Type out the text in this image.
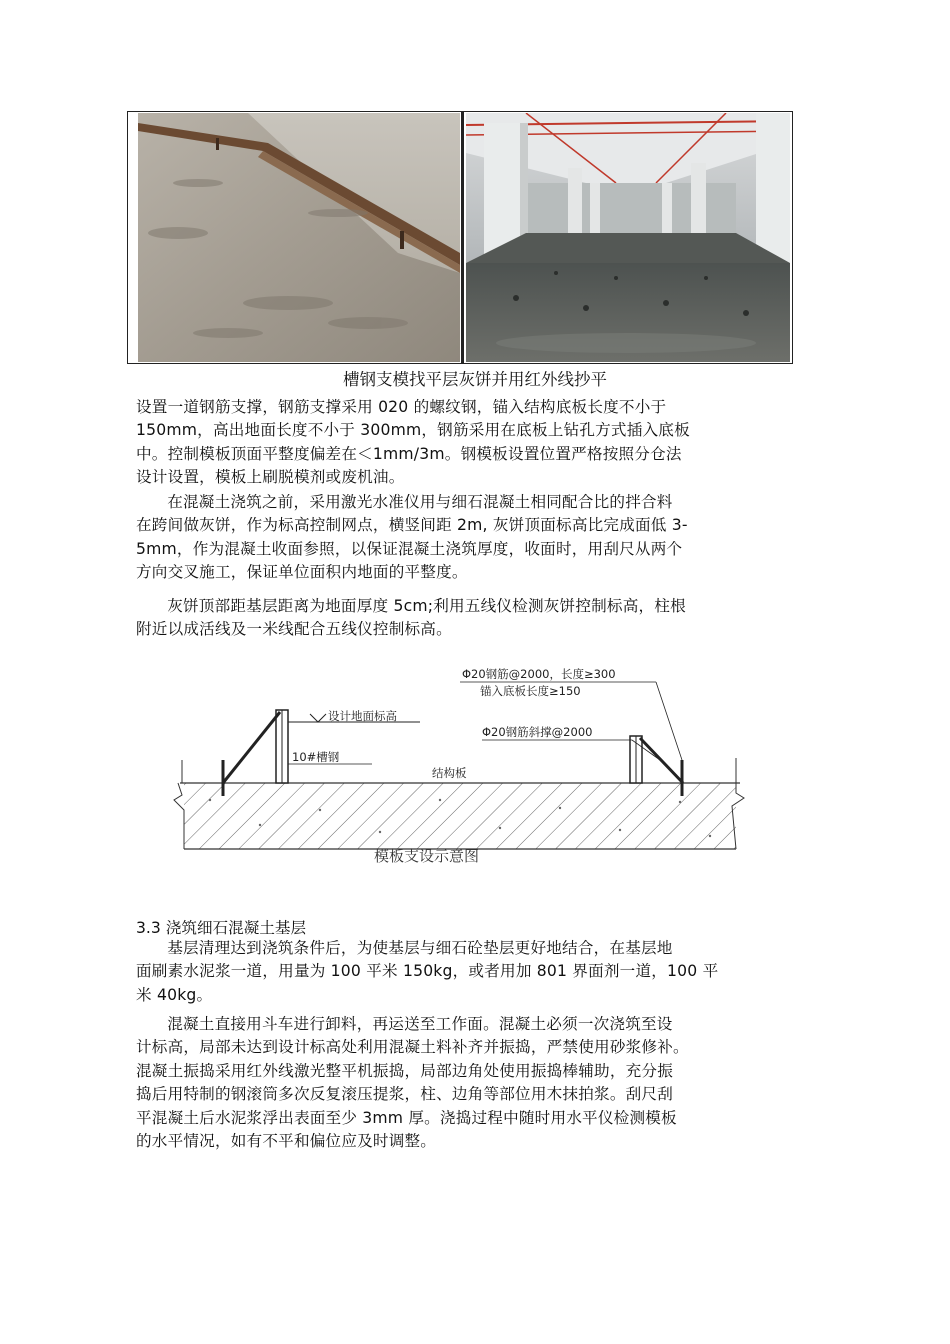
槽钢支模找平层灰饼并用红外线抄平

设置一道钢筋支撑，钢筋支撑采用 020 的螺纹钢，锚入结构底板长度不小于

150mm，高出地面长度不小于 300mm，钢筋采用在底板上钻孔方式插入底板

中。控制模板顶面平整度偏差在＜1mm/3m。钢模板设置位置严格按照分仓法

设计设置，模板上刷脱模剂或废机油。

在混凝土浇筑之前，采用激光水准仪用与细石混凝土相同配合比的拌合料

在跨间做灰饼，作为标高控制网点，横竖间距 2m, 灰饼顶面标高比完成面低 3-

5mm，作为混凝土收面参照，以保证混凝土浇筑厚度，收面时，用刮尺从两个

方向交叉施工，保证单位面积内地面的平整度。

灰饼顶部距基层距离为地面厚度 5cm;利用五线仪检测灰饼控制标高，柱根

附近以成活线及一米线配合五线仪控制标高。

设计地面标高
10#槽钢
结构板
Φ20钢筋@2000，长度≥300
锚入底板长度≥150
Φ20钢筋斜撑@2000
模板支设示意图
3.3 浇筑细石混凝土基层

基层清理达到浇筑条件后，为使基层与细石砼垫层更好地结合，在基层地

面刷素水泥浆一道，用量为 100 平米 150kg，或者用加 801 界面剂一道，100 平

米 40kg。

混凝土直接用斗车进行卸料，再运送至工作面。混凝土必须一次浇筑至设

计标高，局部未达到设计标高处利用混凝土料补齐并振捣，严禁使用砂浆修补。

混凝土振捣采用红外线激光整平机振捣，局部边角处使用振捣棒辅助，充分振

捣后用特制的钢滚筒多次反复滚压提浆，柱、边角等部位用木抹拍浆。刮尺刮

平混凝土后水泥浆浮出表面至少 3mm 厚。浇捣过程中随时用水平仪检测模板

的水平情况，如有不平和偏位应及时调整。
